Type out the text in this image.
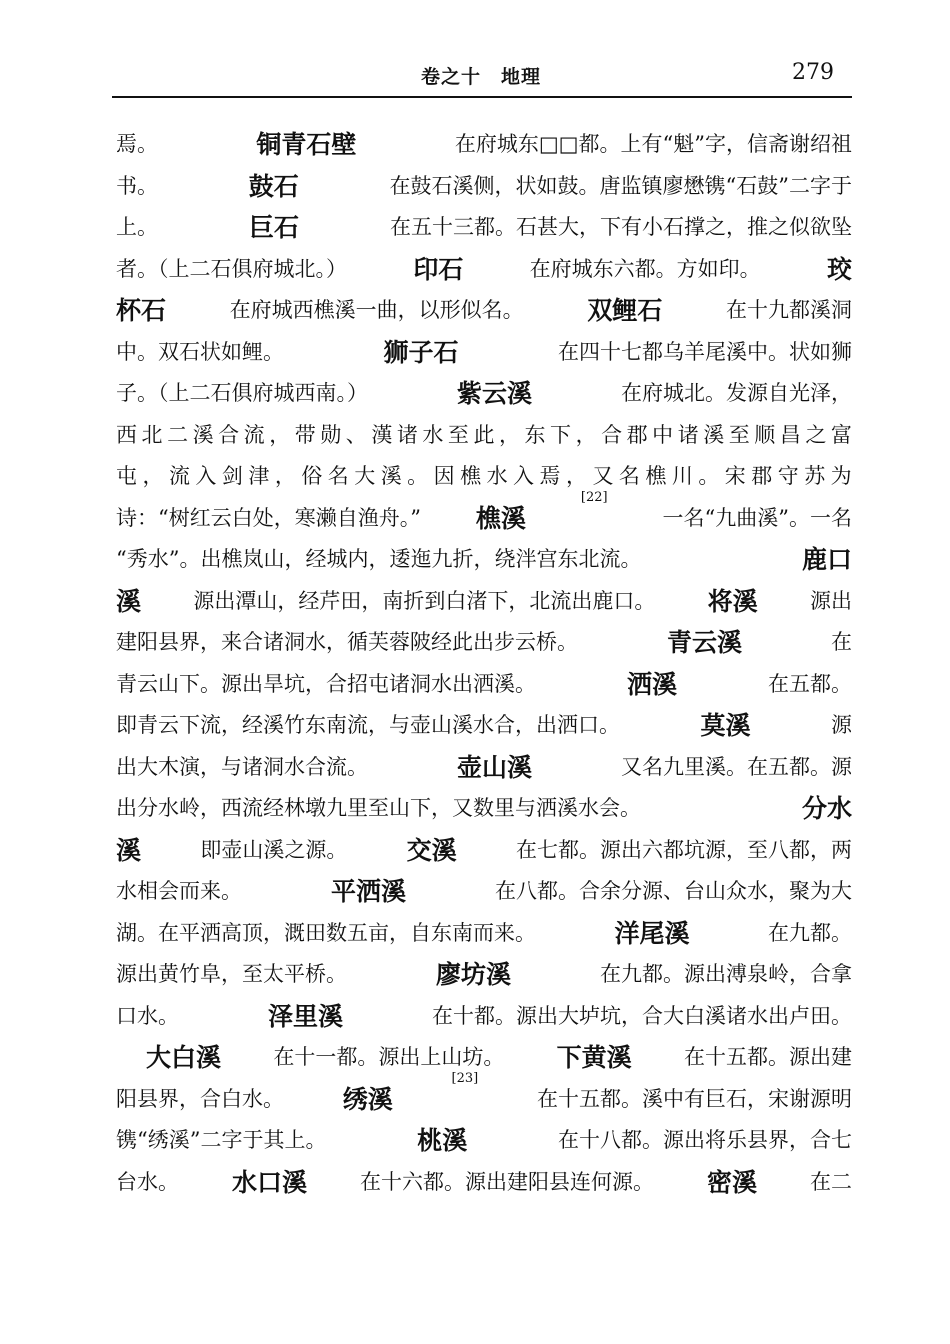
卷之十　地理	279
焉。	铜青石壁	在府城东□□都。上有“魁”字，信斋谢绍祖
书。	鼓石	在鼓石溪侧，状如鼓。唐监镇廖懋镌“石鼓”二字于
上。	巨石	在五十三都。石甚大，下有小石撑之，推之似欲坠
者。（上二石俱府城北。）	印石	在府城东六都。方如印。	珓
杯石	在府城西樵溪一曲，以形似名。	双鲤石	在十九都溪洞
中。双石状如鲤。	狮子石	在四十七都乌羊尾溪中。状如狮
子。（上二石俱府城西南。）	紫云溪	在府城北。发源自光泽，
西 北 二 溪 合 流 ， 带 勋 、 漢 诸 水 至 此 ， 东 下 ， 合 郡 中 诸 溪 至 顺 昌 之 富
屯 ， 流 入 剑 津 ， 俗 名 大 溪 。 因 樵 水 入 焉 ， 又 名 樵 川 。 宋 郡 守 苏 为
诗：“树红云白处，寒濑自渔舟。” 樵溪
[22]
一名“九曲溪”。一名
“秀水”。出樵岚山，经城内，逶迤九折，绕泮宫东北流。	鹿口
溪 源出潭山，经芹田，南折到白渚下，北流出鹿口。 将溪 源出
建阳县界，来合诸洞水，循芙蓉陂经此出步云桥。	青云溪	在
青云山下。源出旱坑，合招屯诸洞水出洒溪。	洒溪	在五都。
即青云下流，经溪竹东南流，与壶山溪水合，出洒口。	莫溪	源
出大木演，与诸洞水合流。	壶山溪	又名九里溪。在五都。源
出分水岭，西流经林墩九里至山下，又数里与洒溪水会。	分水
溪	即壶山溪之源。 交溪	在七都。源出六都坑源，至八都，两
水相会而来。	平洒溪	在八都。合余分源、台山众水，聚为大
湖。在平洒高顶，溉田数五亩，自东南而来。	洋尾溪	在九都。
源出黄竹阜，至太平桥。	廖坊溪	在九都。源出溥泉岭，合拿
口水。	泽里溪	在十都。源出大垆坑，合大白溪诸水出卢田。
大白溪 在十一都。源出上山坊。 下黄溪 在十五都。源出建
阳县界，合白水。 绣溪
[23]
在十五都。溪中有巨石，宋谢源明
镌“绣溪”二字于其上。	桃溪	在十八都。源出将乐县界，合七
台水。 水口溪	在十六都。源出建阳县连何源。 密溪	在二
